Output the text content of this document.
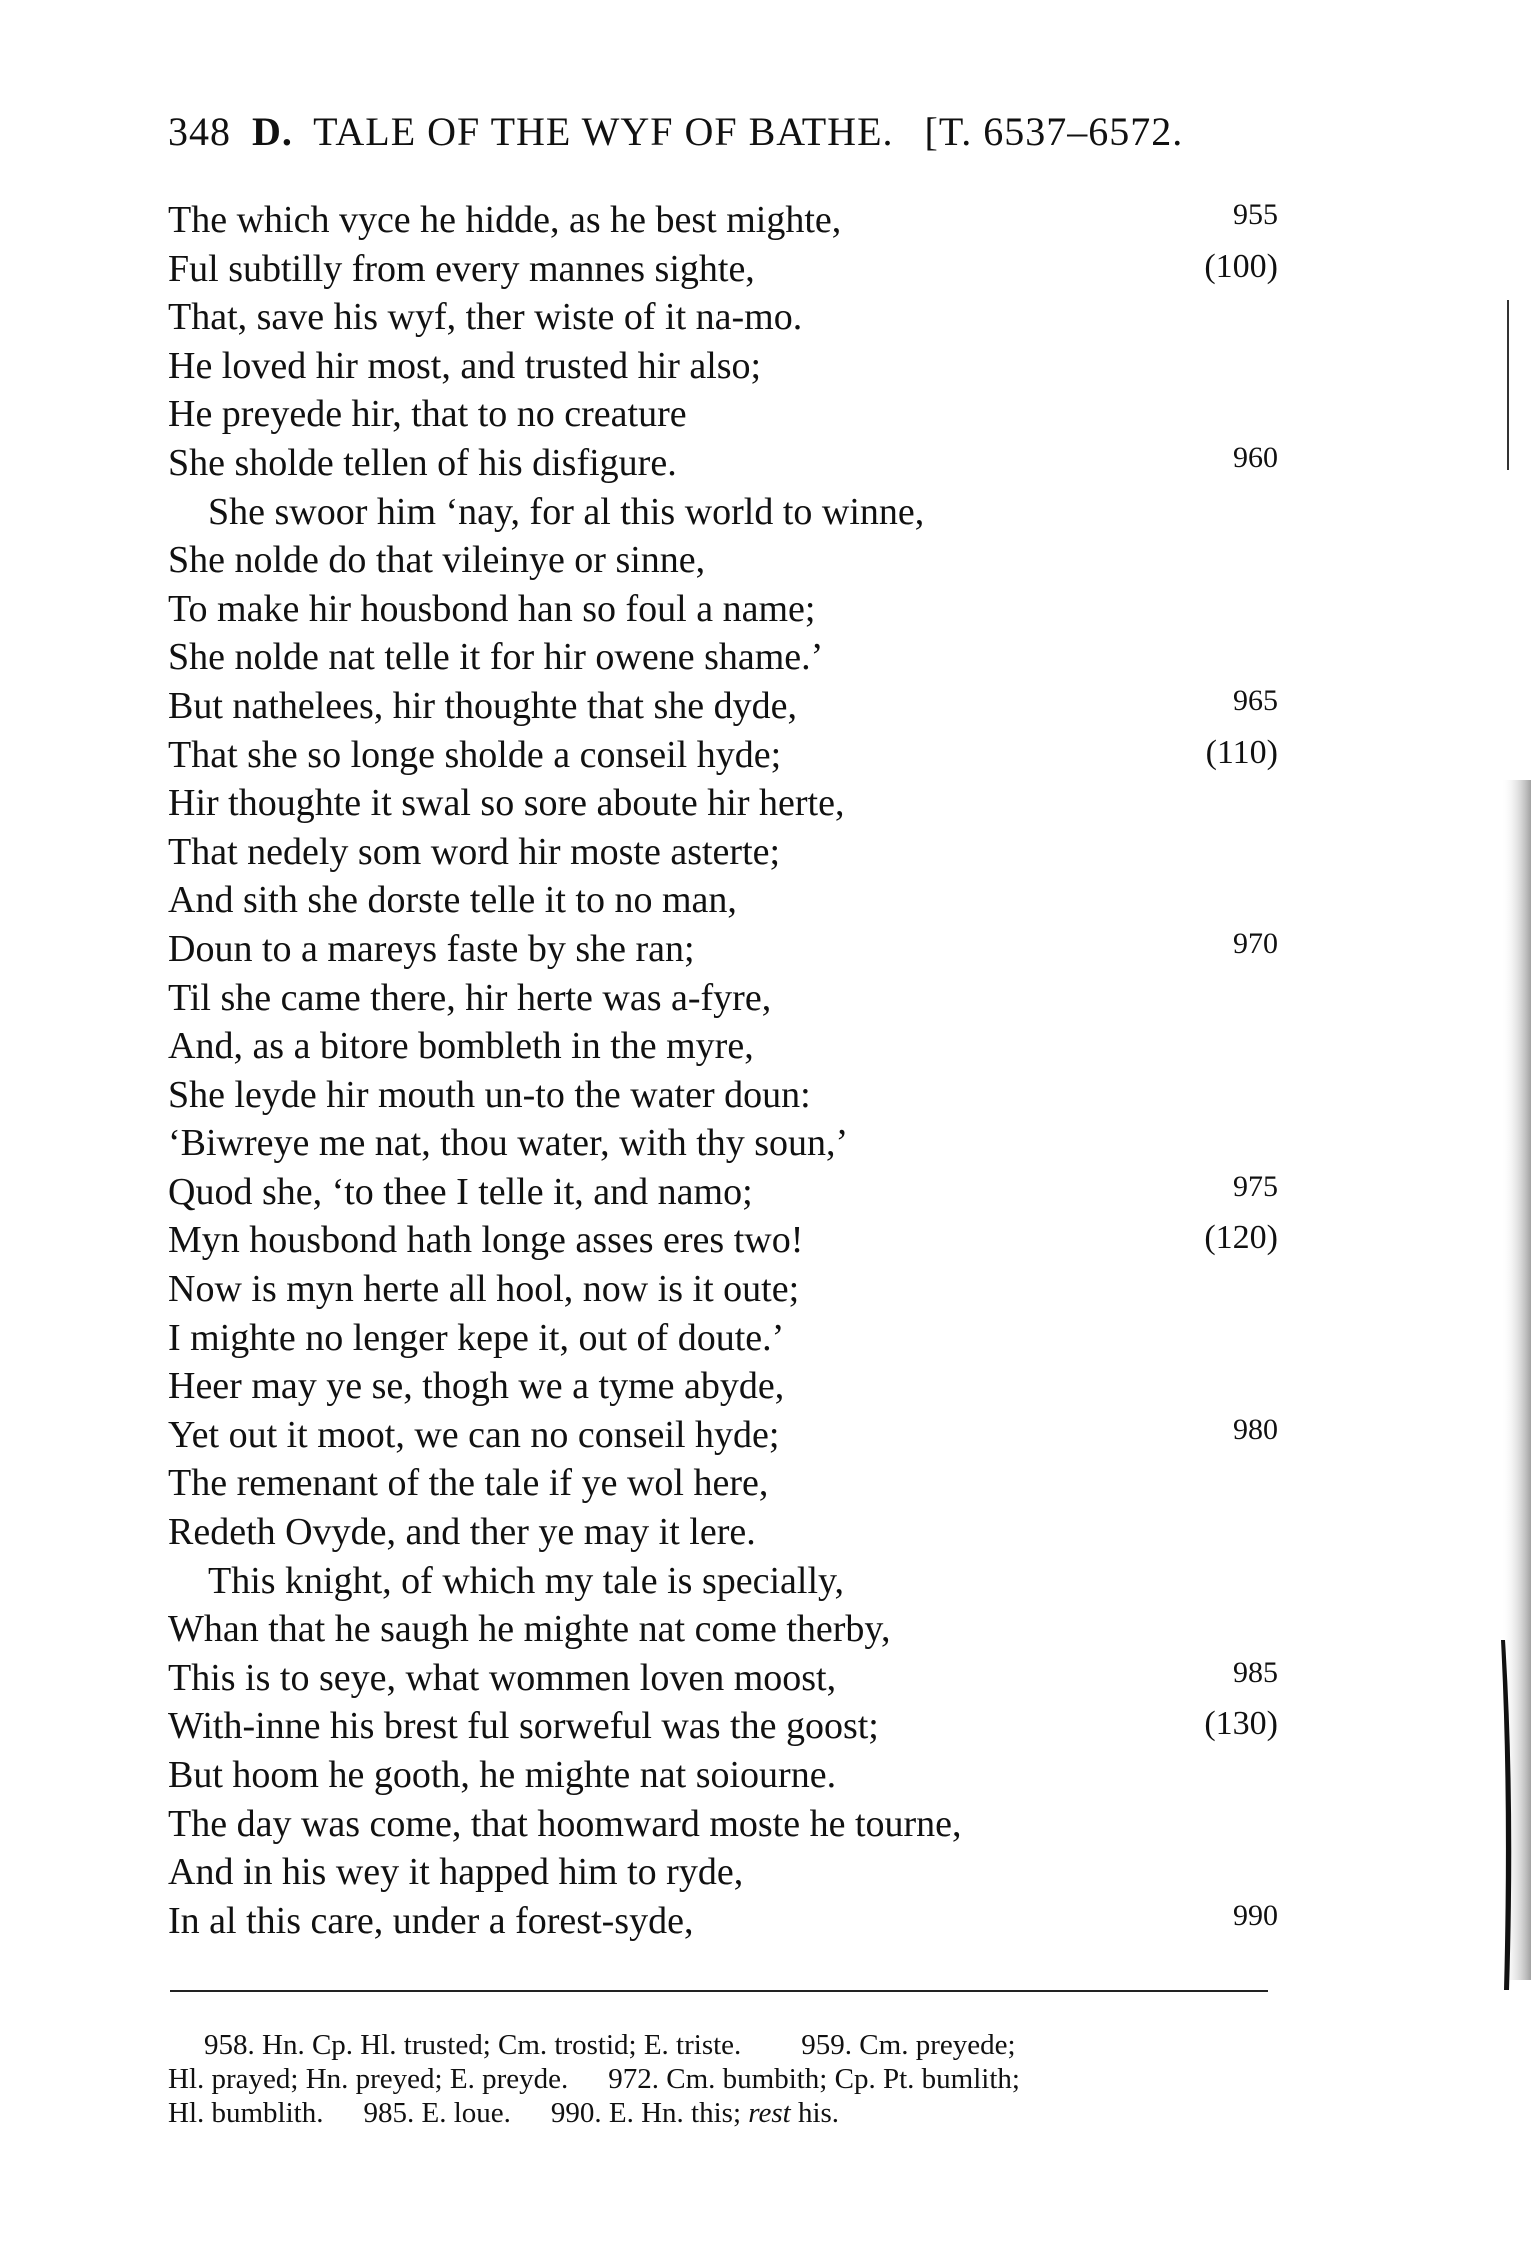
348 D. TALE OF THE WYF OF BATHE. [T. 6537–6572.
The which vyce he hidde, as he best mighte,	955
Ful subtilly from every mannes sighte,	(100)
That, save his wyf, ther wiste of it na-mo.
He loved hir most, and trusted hir also;
He preyede hir, that to no creature
She sholde tellen of his disfigure.	960
She swoor him ‘nay, for al this world to winne,
She nolde do that vileinye or sinne,
To make hir housbond han so foul a name;
She nolde nat telle it for hir owene shame.’
But nathelees, hir thoughte that she dyde,	965
That she so longe sholde a conseil hyde;	(110)
Hir thoughte it swal so sore aboute hir herte,
That nedely som word hir moste asterte;
And sith she dorste telle it to no man,
Doun to a mareys faste by she ran;	970
Til she came there, hir herte was a-fyre,
And, as a bitore bombleth in the myre,
She leyde hir mouth un-to the water doun:
‘Biwreye me nat, thou water, with thy soun,’
Quod she, ‘to thee I telle it, and namo;	975
Myn housbond hath longe asses eres two!	(120)
Now is myn herte all hool, now is it oute;
I mighte no lenger kepe it, out of doute.’
Heer may ye se, thogh we a tyme abyde,
Yet out it moot, we can no conseil hyde;	980
The remenant of the tale if ye wol here,
Redeth Ovyde, and ther ye may it lere.
This knight, of which my tale is specially,
Whan that he saugh he mighte nat come therby,
This is to seye, what wommen loven moost,	985
With-inne his brest ful sorweful was the goost;	(130)
But hoom he gooth, he mighte nat soiourne.
The day was come, that hoomward moste he tourne,
And in his wey it happed him to ryde,
In al this care, under a forest-syde,	990
958. Hn. Cp. Hl. trusted; Cm. trostid; E. triste. 959. Cm. preyede;
Hl. prayed; Hn. preyed; E. preyde. 972. Cm. bumbith; Cp. Pt. bumlith;
Hl. bumblith. 985. E. loue. 990. E. Hn. this; rest his.
